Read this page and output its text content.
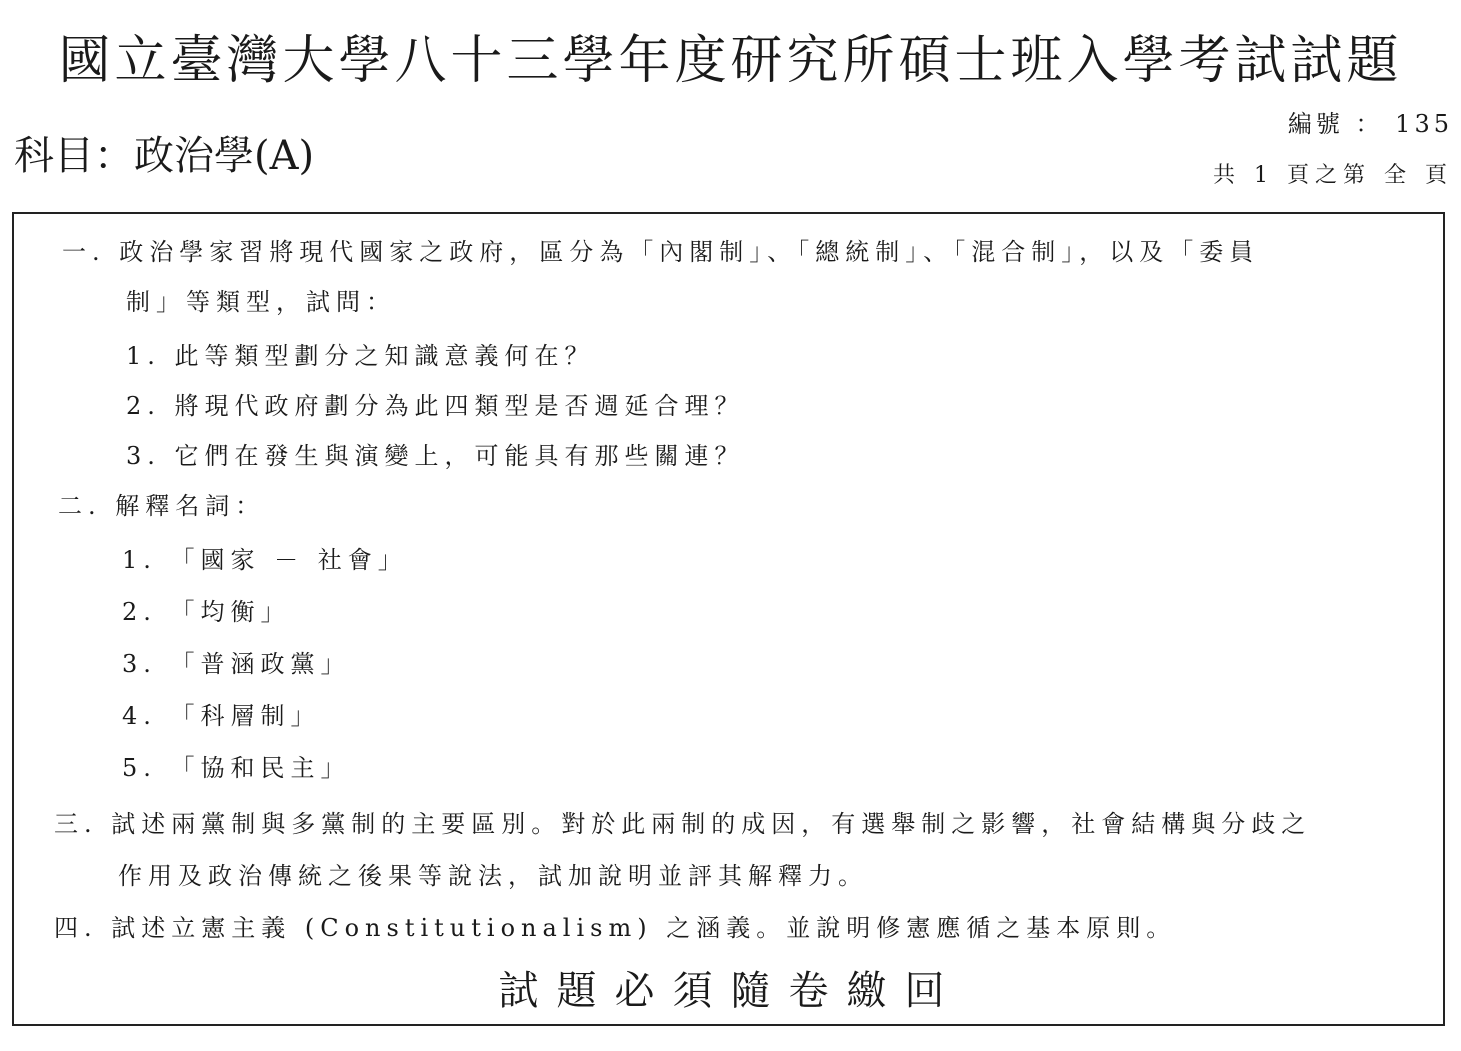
國立臺灣大學八十三學年度研究所碩士班入學考試試題
科目：政治學(A)
編號 ： 135
共 1 頁之第 全 頁
一. 政治學家習將現代國家之政府，區分為「內閣制」、「總統制」、「混合制」，以及「委員
制」等類型，試問：
1. 此等類型劃分之知識意義何在？
2. 將現代政府劃分為此四類型是否週延合理？
3. 它們在發生與演變上，可能具有那些關連？
二. 解釋名詞：
1. 「國家 － 社會」
2. 「均衡」
3. 「普涵政黨」
4. 「科層制」
5. 「協和民主」
三. 試述兩黨制與多黨制的主要區別。對於此兩制的成因，有選舉制之影響，社會結構與分歧之
作用及政治傳統之後果等說法，試加說明並評其解釋力。
四. 試述立憲主義 (Constitutionalism) 之涵義。並說明修憲應循之基本原則。
試題必須隨卷繳回
